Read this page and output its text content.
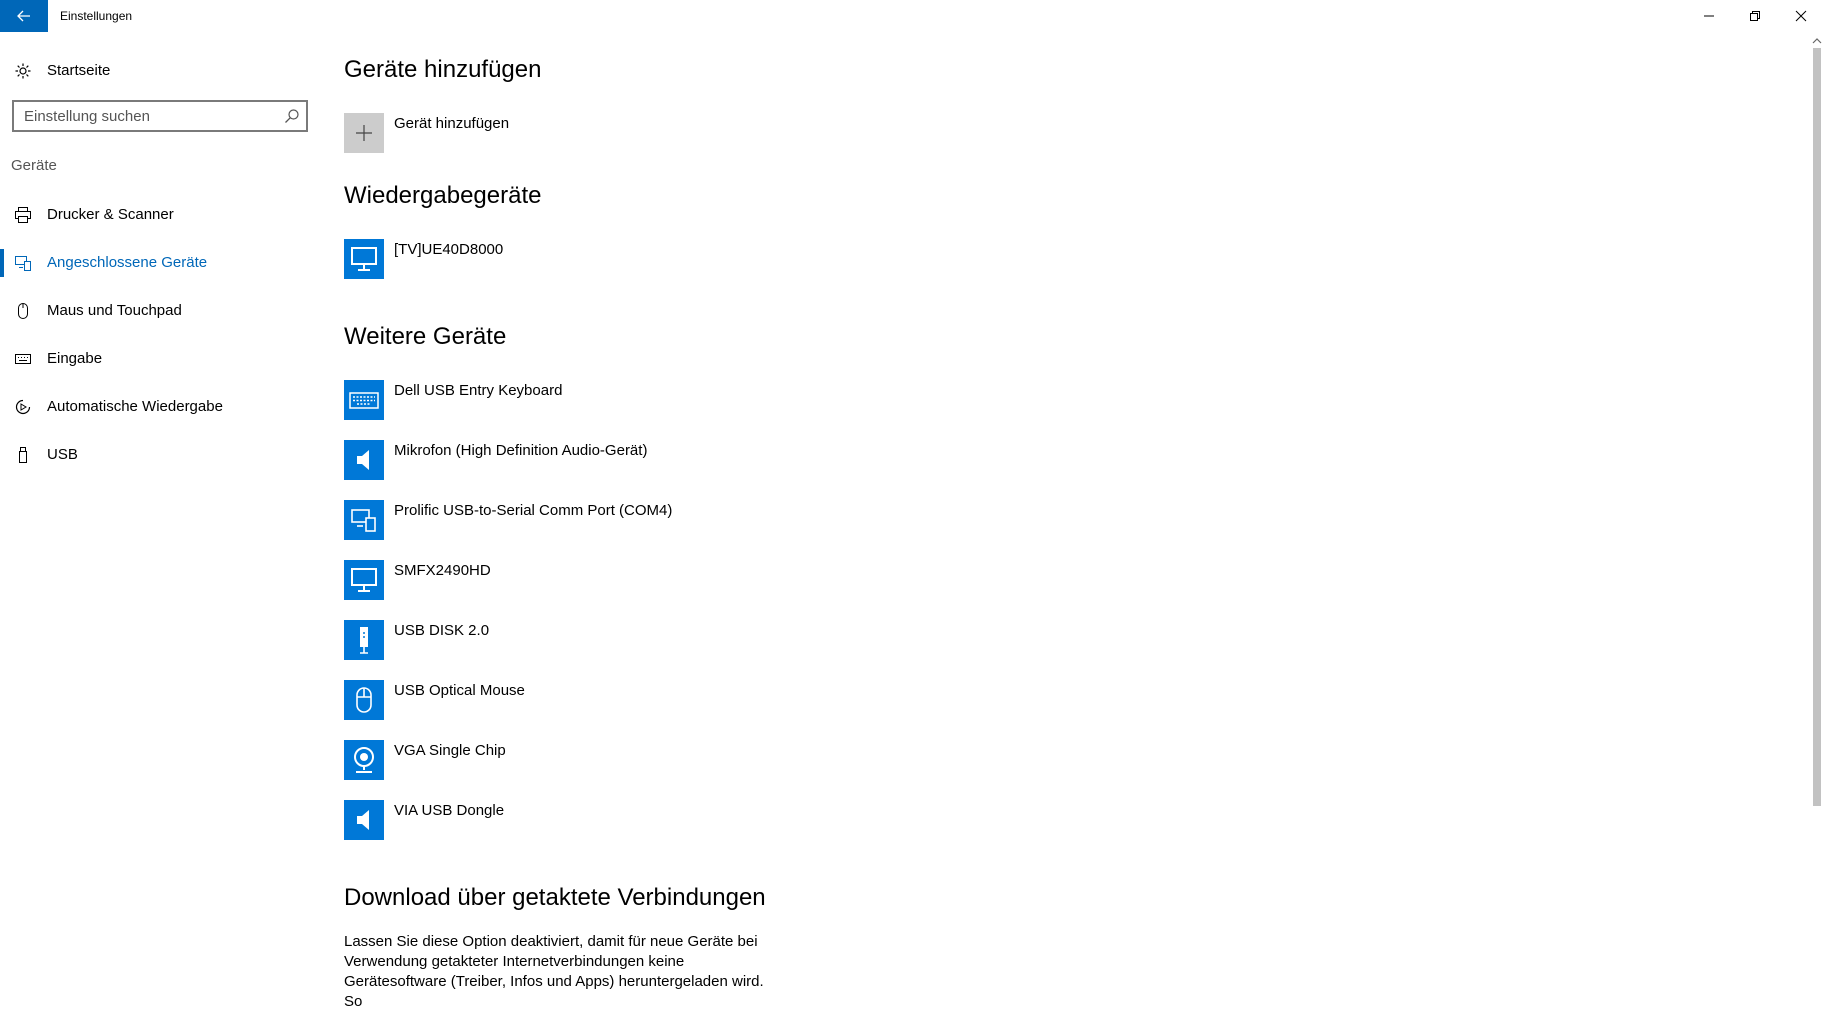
Einstellungen
Startseite
Einstellung suchen
Geräte
Drucker & Scanner
Angeschlossene Geräte
Maus und Touchpad
Eingabe
Automatische Wiedergabe
USB
Geräte hinzufügen
Gerät hinzufügen
Wiedergabegeräte
[TV]UE40D8000
Weitere Geräte
Dell USB Entry Keyboard
Mikrofon (High Definition Audio-Gerät)
Prolific USB-to-Serial Comm Port (COM4)
SMFX2490HD
USB DISK 2.0
USB Optical Mouse
VGA Single Chip
VIA USB Dongle
Download über getaktete Verbindungen

Lassen Sie diese Option deaktiviert, damit für neue Geräte bei Verwendung getakteter Internetverbindungen keine Gerätesoftware (Treiber, Infos und Apps) heruntergeladen wird. So
